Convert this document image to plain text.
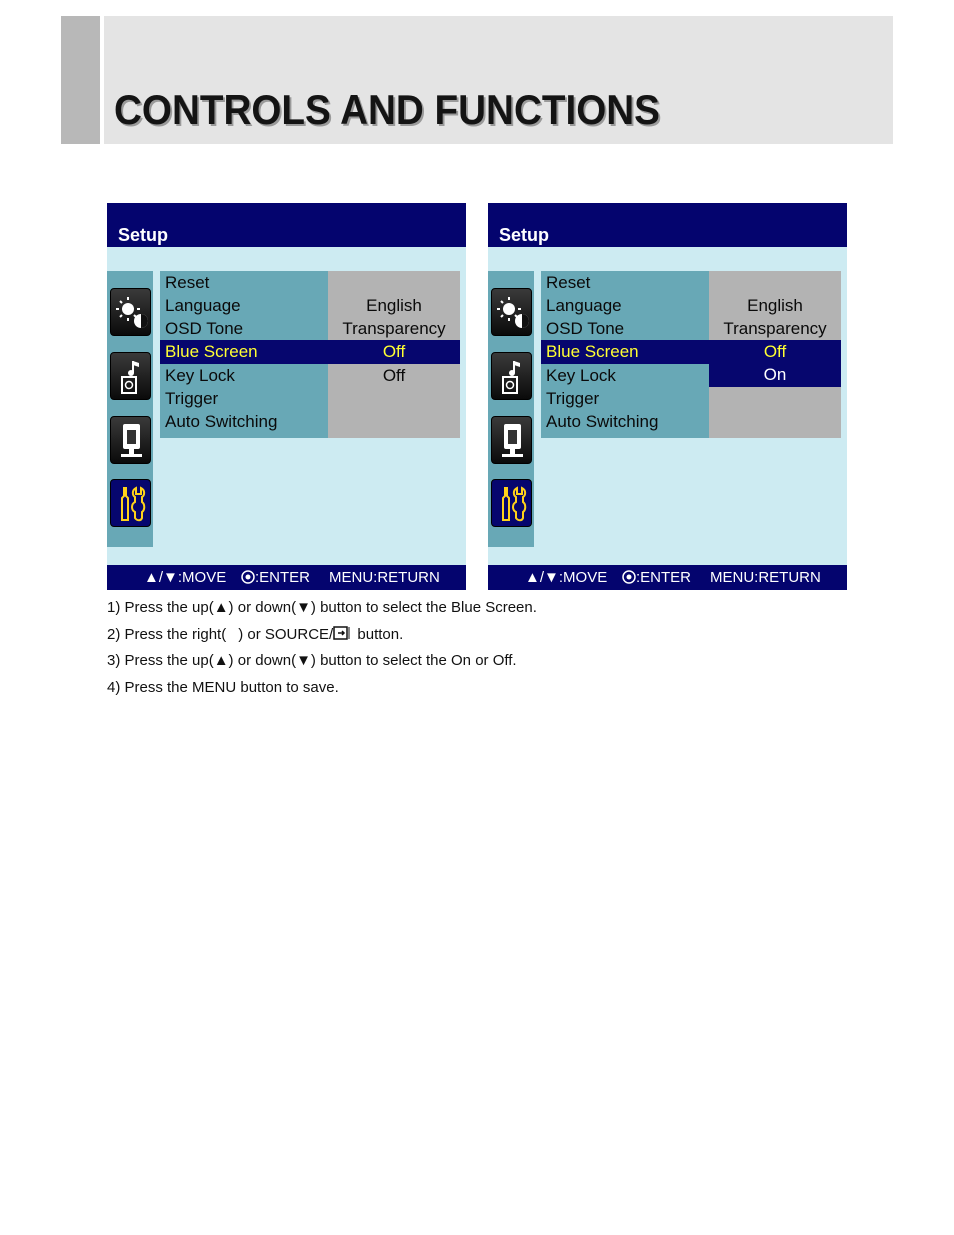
CONTROLS AND FUNCTIONS
Setup
Reset
Language
OSD Tone
Blue Screen
Key Lock
Trigger
Auto Switching
English
Transparency
Off
Off
▲/▼:MOVE	:ENTER MENU:RETURN
Setup
Reset
Language
OSD Tone
Blue Screen
Key Lock
Trigger
Auto Switching
English
Transparency
Off
On
▲/▼:MOVE	:ENTER MENU:RETURN
1) Press the up(▲) or down(▼) button to select the Blue Screen.
2) Press the right( ) or SOURCE/ button.
3) Press the up(▲) or down(▼) button to select the On or Off.
4) Press the MENU button to save.
